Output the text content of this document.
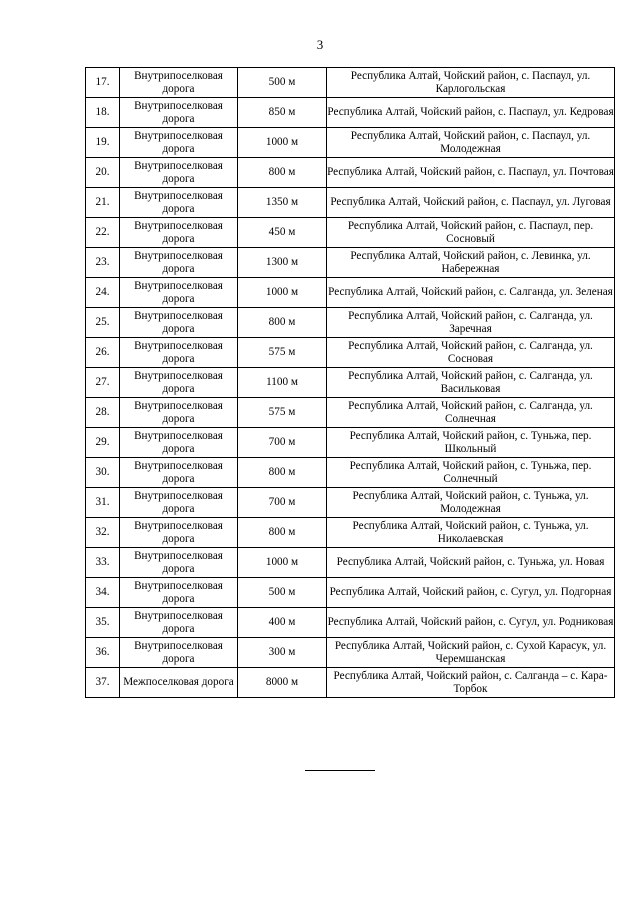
3
17.	Внутрипоселковая дорога	500 м	Республика Алтай, Чойский район, с. Паспаул, ул. Карлогольская
18.	Внутрипоселковая дорога	850 м	Республика Алтай, Чойский район, с. Паспаул, ул. Кедровая
19.	Внутрипоселковая дорога	1000 м	Республика Алтай, Чойский район, с. Паспаул, ул. Молодежная
20.	Внутрипоселковая дорога	800 м	Республика Алтай, Чойский район, с. Паспаул, ул. Почтовая
21.	Внутрипоселковая дорога	1350 м	Республика Алтай, Чойский район, с. Паспаул, ул. Луговая
22.	Внутрипоселковая дорога	450 м	Республика Алтай, Чойский район, с. Паспаул, пер. Сосновый
23.	Внутрипоселковая дорога	1300 м	Республика Алтай, Чойский район, с. Левинка, ул. Набережная
24.	Внутрипоселковая дорога	1000 м	Республика Алтай, Чойский район, с. Салганда, ул. Зеленая
25.	Внутрипоселковая дорога	800 м	Республика Алтай, Чойский район, с. Салганда, ул. Заречная
26.	Внутрипоселковая дорога	575 м	Республика Алтай, Чойский район, с. Салганда, ул. Сосновая
27.	Внутрипоселковая дорога	1100 м	Республика Алтай, Чойский район, с. Салганда, ул. Васильковая
28.	Внутрипоселковая дорога	575 м	Республика Алтай, Чойский район, с. Салганда, ул. Солнечная
29.	Внутрипоселковая дорога	700 м	Республика Алтай, Чойский район, с. Туньжа, пер. Школьный
30.	Внутрипоселковая дорога	800 м	Республика Алтай, Чойский район, с. Туньжа, пер. Солнечный
31.	Внутрипоселковая дорога	700 м	Республика Алтай, Чойский район, с. Туньжа, ул. Молодежная
32.	Внутрипоселковая дорога	800 м	Республика Алтай, Чойский район, с. Туньжа, ул. Николаевская
33.	Внутрипоселковая дорога	1000 м	Республика Алтай, Чойский район, с. Туньжа, ул. Новая
34.	Внутрипоселковая дорога	500 м	Республика Алтай, Чойский район, с. Сугул, ул. Подгорная
35.	Внутрипоселковая дорога	400 м	Республика Алтай, Чойский район, с. Сугул, ул. Родниковая
36.	Внутрипоселковая дорога	300 м	Республика Алтай, Чойский район, с. Сухой Карасук, ул. Черемшанская
37.	Межпоселковая дорога	8000 м	Республика Алтай, Чойский район, с. Салганда – с. Кара-Торбок
